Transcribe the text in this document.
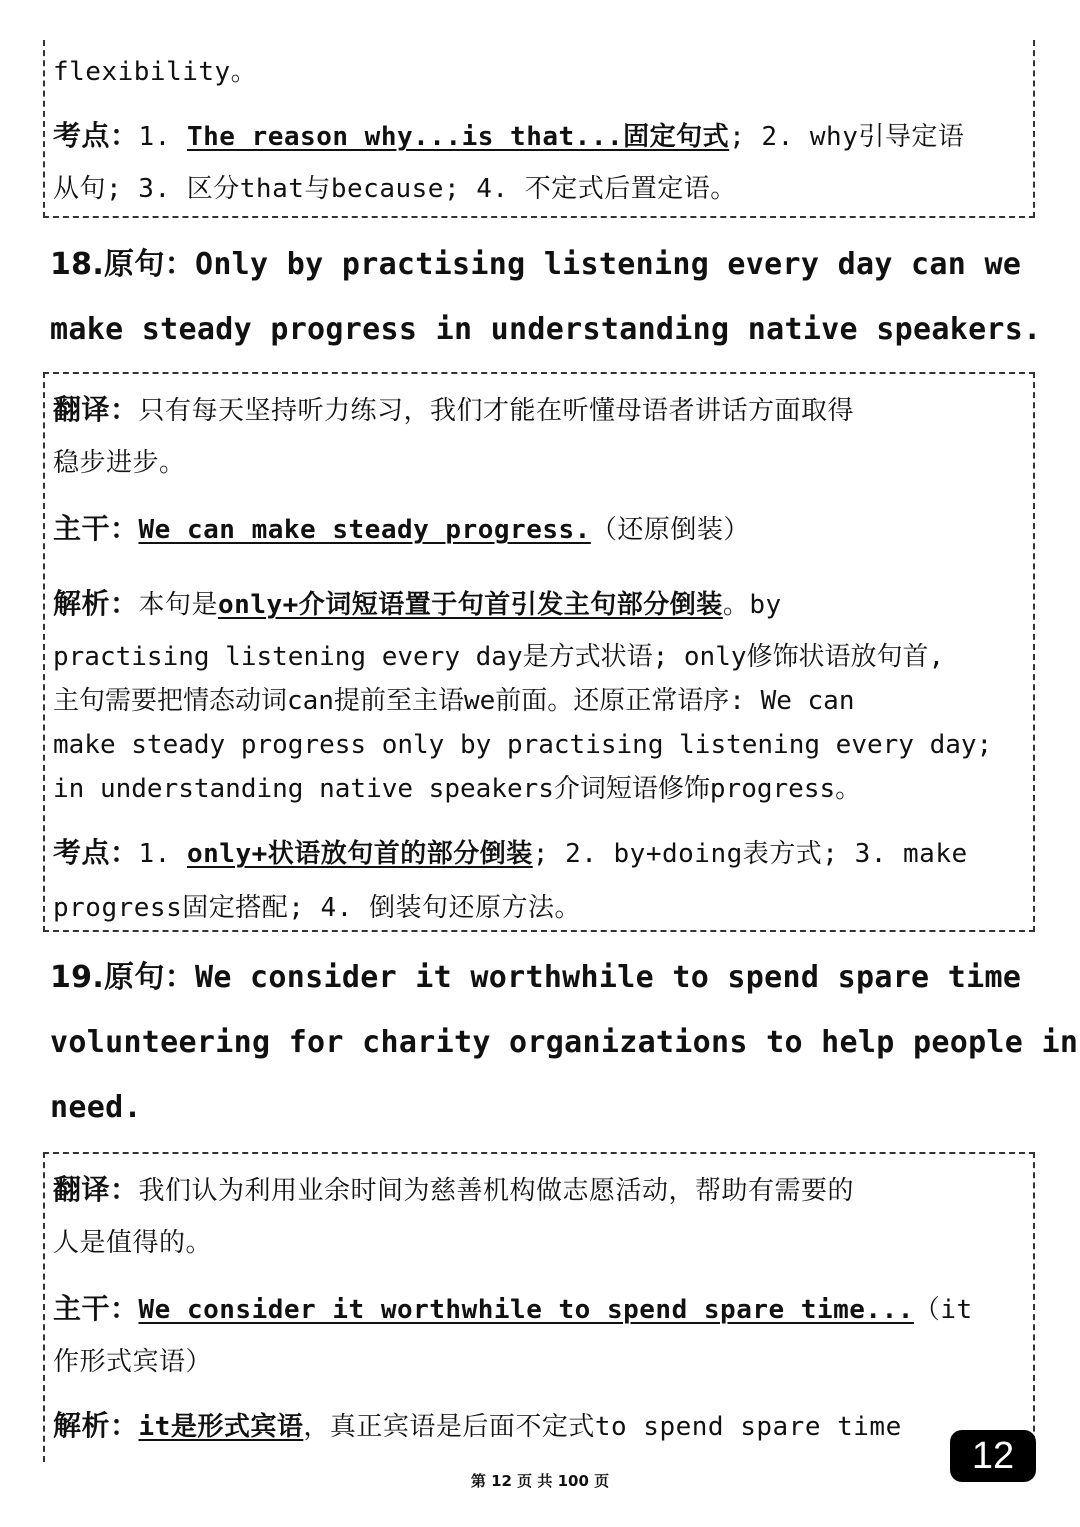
flexibility。
考点：1. The reason why...is that...固定句式; 2. why引导定语
从句; 3. 区分that与because; 4. 不定式后置定语。
18.原句：Only by practising listening every day can we
make steady progress in understanding native speakers.
翻译：只有每天坚持听力练习，我们才能在听懂母语者讲话方面取得
稳步进步。
主干：We can make steady progress.（还原倒装）
解析：本句是only+介词短语置于句首引发主句部分倒装。by
practising listening every day是方式状语; only修饰状语放句首,
主句需要把情态动词can提前至主语we前面。还原正常语序: We can
make steady progress only by practising listening every day;
in understanding native speakers介词短语修饰progress。
考点：1. only+状语放句首的部分倒装; 2. by+doing表方式; 3. make
progress固定搭配; 4. 倒装句还原方法。
19.原句：We consider it worthwhile to spend spare time
volunteering for charity organizations to help people in
need.
翻译：我们认为利用业余时间为慈善机构做志愿活动，帮助有需要的
人是值得的。
主干：We consider it worthwhile to spend spare time...（it
作形式宾语）
解析：it是形式宾语，真正宾语是后面不定式to spend spare time
12
第 12 页 共 100 页
